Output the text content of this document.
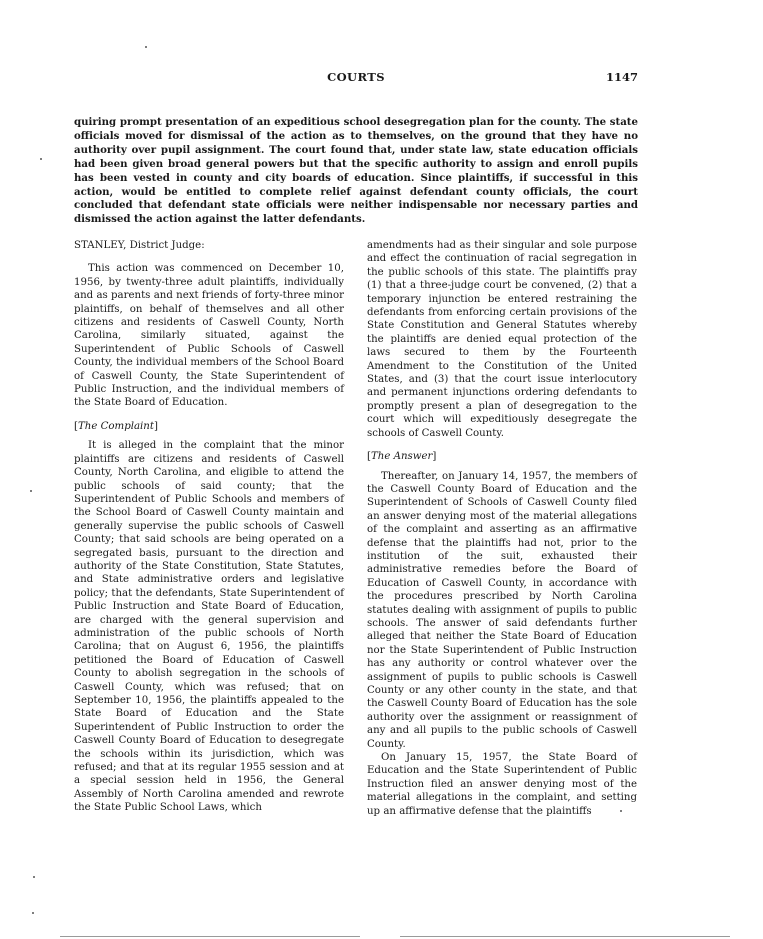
COURTS	1147

quiring prompt presentation of an expeditious school desegregation plan for the county. The state officials moved for dismissal of the action as to themselves, on the ground that they have no authority over pupil assignment. The court found that, under state law, state education officials had been given broad general powers but that the specific authority to assign and enroll pupils has been vested in county and city boards of education. Since plaintiffs, if successful in this action, would be entitled to complete relief against defendant county officials, the court concluded that defendant state officials were neither indispensable nor necessary parties and dismissed the action against the latter defendants.

STANLEY, District Judge:

This action was commenced on December 10, 1956, by twenty-three adult plaintiffs, individually and as parents and next friends of forty-three minor plaintiffs, on behalf of themselves and all other citizens and residents of Caswell County, North Carolina, similarly situated, against the Superintendent of Public Schools of Caswell County, the individual members of the School Board of Caswell County, the State Superintendent of Public Instruction, and the individual members of the State Board of Education.

[The Complaint]

It is alleged in the complaint that the minor plaintiffs are citizens and residents of Caswell County, North Carolina, and eligible to attend the public schools of said county; that the Superintendent of Public Schools and members of the School Board of Caswell County maintain and generally supervise the public schools of Caswell County; that said schools are being operated on a segregated basis, pursuant to the direction and authority of the State Constitution, State Statutes, and State administrative orders and legislative policy; that the defendants, State Superintendent of Public Instruction and State Board of Education, are charged with the general supervision and administration of the public schools of North Carolina; that on August 6, 1956, the plaintiffs petitioned the Board of Education of Caswell County to abolish segregation in the schools of Caswell County, which was refused; that on September 10, 1956, the plaintiffs appealed to the State Board of Education and the State Superintendent of Public Instruction to order the Caswell County Board of Education to desegregate the schools within its jurisdiction, which was refused; and that at its regular 1955 session and at a special session held in 1956, the General Assembly of North Carolina amended and rewrote the State Public School Laws, which

amendments had as their singular and sole purpose and effect the continuation of racial segregation in the public schools of this state. The plaintiffs pray (1) that a three-judge court be convened, (2) that a temporary injunction be entered restraining the defendants from enforcing certain provisions of the State Constitution and General Statutes whereby the plaintiffs are denied equal protection of the laws secured to them by the Fourteenth Amendment to the Constitution of the United States, and (3) that the court issue interlocutory and permanent injunctions ordering defendants to promptly present a plan of desegregation to the court which will expeditiously desegregate the schools of Caswell County.

[The Answer]

Thereafter, on January 14, 1957, the members of the Caswell County Board of Education and the Superintendent of Schools of Caswell County filed an answer denying most of the material allegations of the complaint and asserting as an affirmative defense that the plaintiffs had not, prior to the institution of the suit, exhausted their administrative remedies before the Board of Education of Caswell County, in accordance with the procedures prescribed by North Carolina statutes dealing with assignment of pupils to public schools. The answer of said defendants further alleged that neither the State Board of Education nor the State Superintendent of Public Instruction has any authority or control whatever over the assignment of pupils to public schools is Caswell County or any other county in the state, and that the Caswell County Board of Education has the sole authority over the assignment or reassignment of any and all pupils to the public schools of Caswell County.

On January 15, 1957, the State Board of Education and the State Superintendent of Public Instruction filed an answer denying most of the material allegations in the complaint, and setting up an affirmative defense that the plaintiffs
